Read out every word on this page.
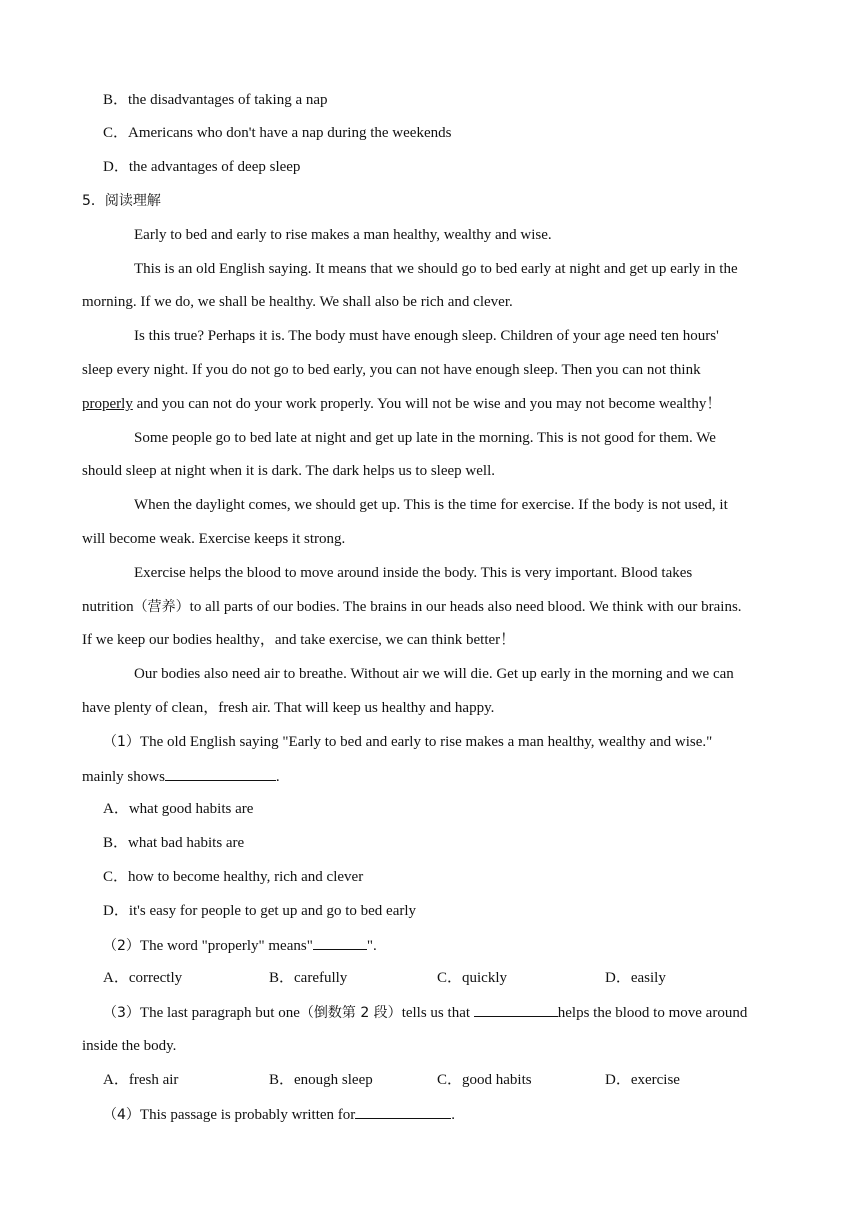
B．the disadvantages of taking a nap
C．Americans who don't have a nap during the weekends
D．the advantages of deep sleep
5．阅读理解
Early to bed and early to rise makes a man healthy, wealthy and wise.
This is an old English saying. It means that we should go to bed early at night and get up early in the
morning. If we do, we shall be healthy. We shall also be rich and clever.
Is this true? Perhaps it is. The body must have enough sleep. Children of your age need ten hours'
sleep every night. If you do not go to bed early, you can not have enough sleep. Then you can not think
properly and you can not do your work properly. You will not be wise and you may not become wealthy！
Some people go to bed late at night and get up late in the morning. This is not good for them. We
should sleep at night when it is dark. The dark helps us to sleep well.
When the daylight comes, we should get up. This is the time for exercise. If the body is not used, it
will become weak. Exercise keeps it strong.
Exercise helps the blood to move around inside the body. This is very important. Blood takes
nutrition（营养）to all parts of our bodies. The brains in our heads also need blood. We think with our brains.
If we keep our bodies healthy，and take exercise, we can think better！
Our bodies also need air to breathe. Without air we will die. Get up early in the morning and we can
have plenty of clean，fresh air. That will keep us healthy and happy.
（1）The old English saying "Early to bed and early to rise makes a man healthy, wealthy and wise."
mainly shows	.
A．what good habits are
B．what bad habits are
C．how to become healthy, rich and clever
D．it's easy for people to get up and go to bed early
（2）The word "properly" means"	".
A．correctly	B．carefully	C．quickly	D．easily
（3）The last paragraph but one（倒数第 2 段）tells us that	helps the blood to move around
inside the body.
A．fresh air	B．enough sleep	C．good habits	D．exercise
（4）This passage is probably written for	.
